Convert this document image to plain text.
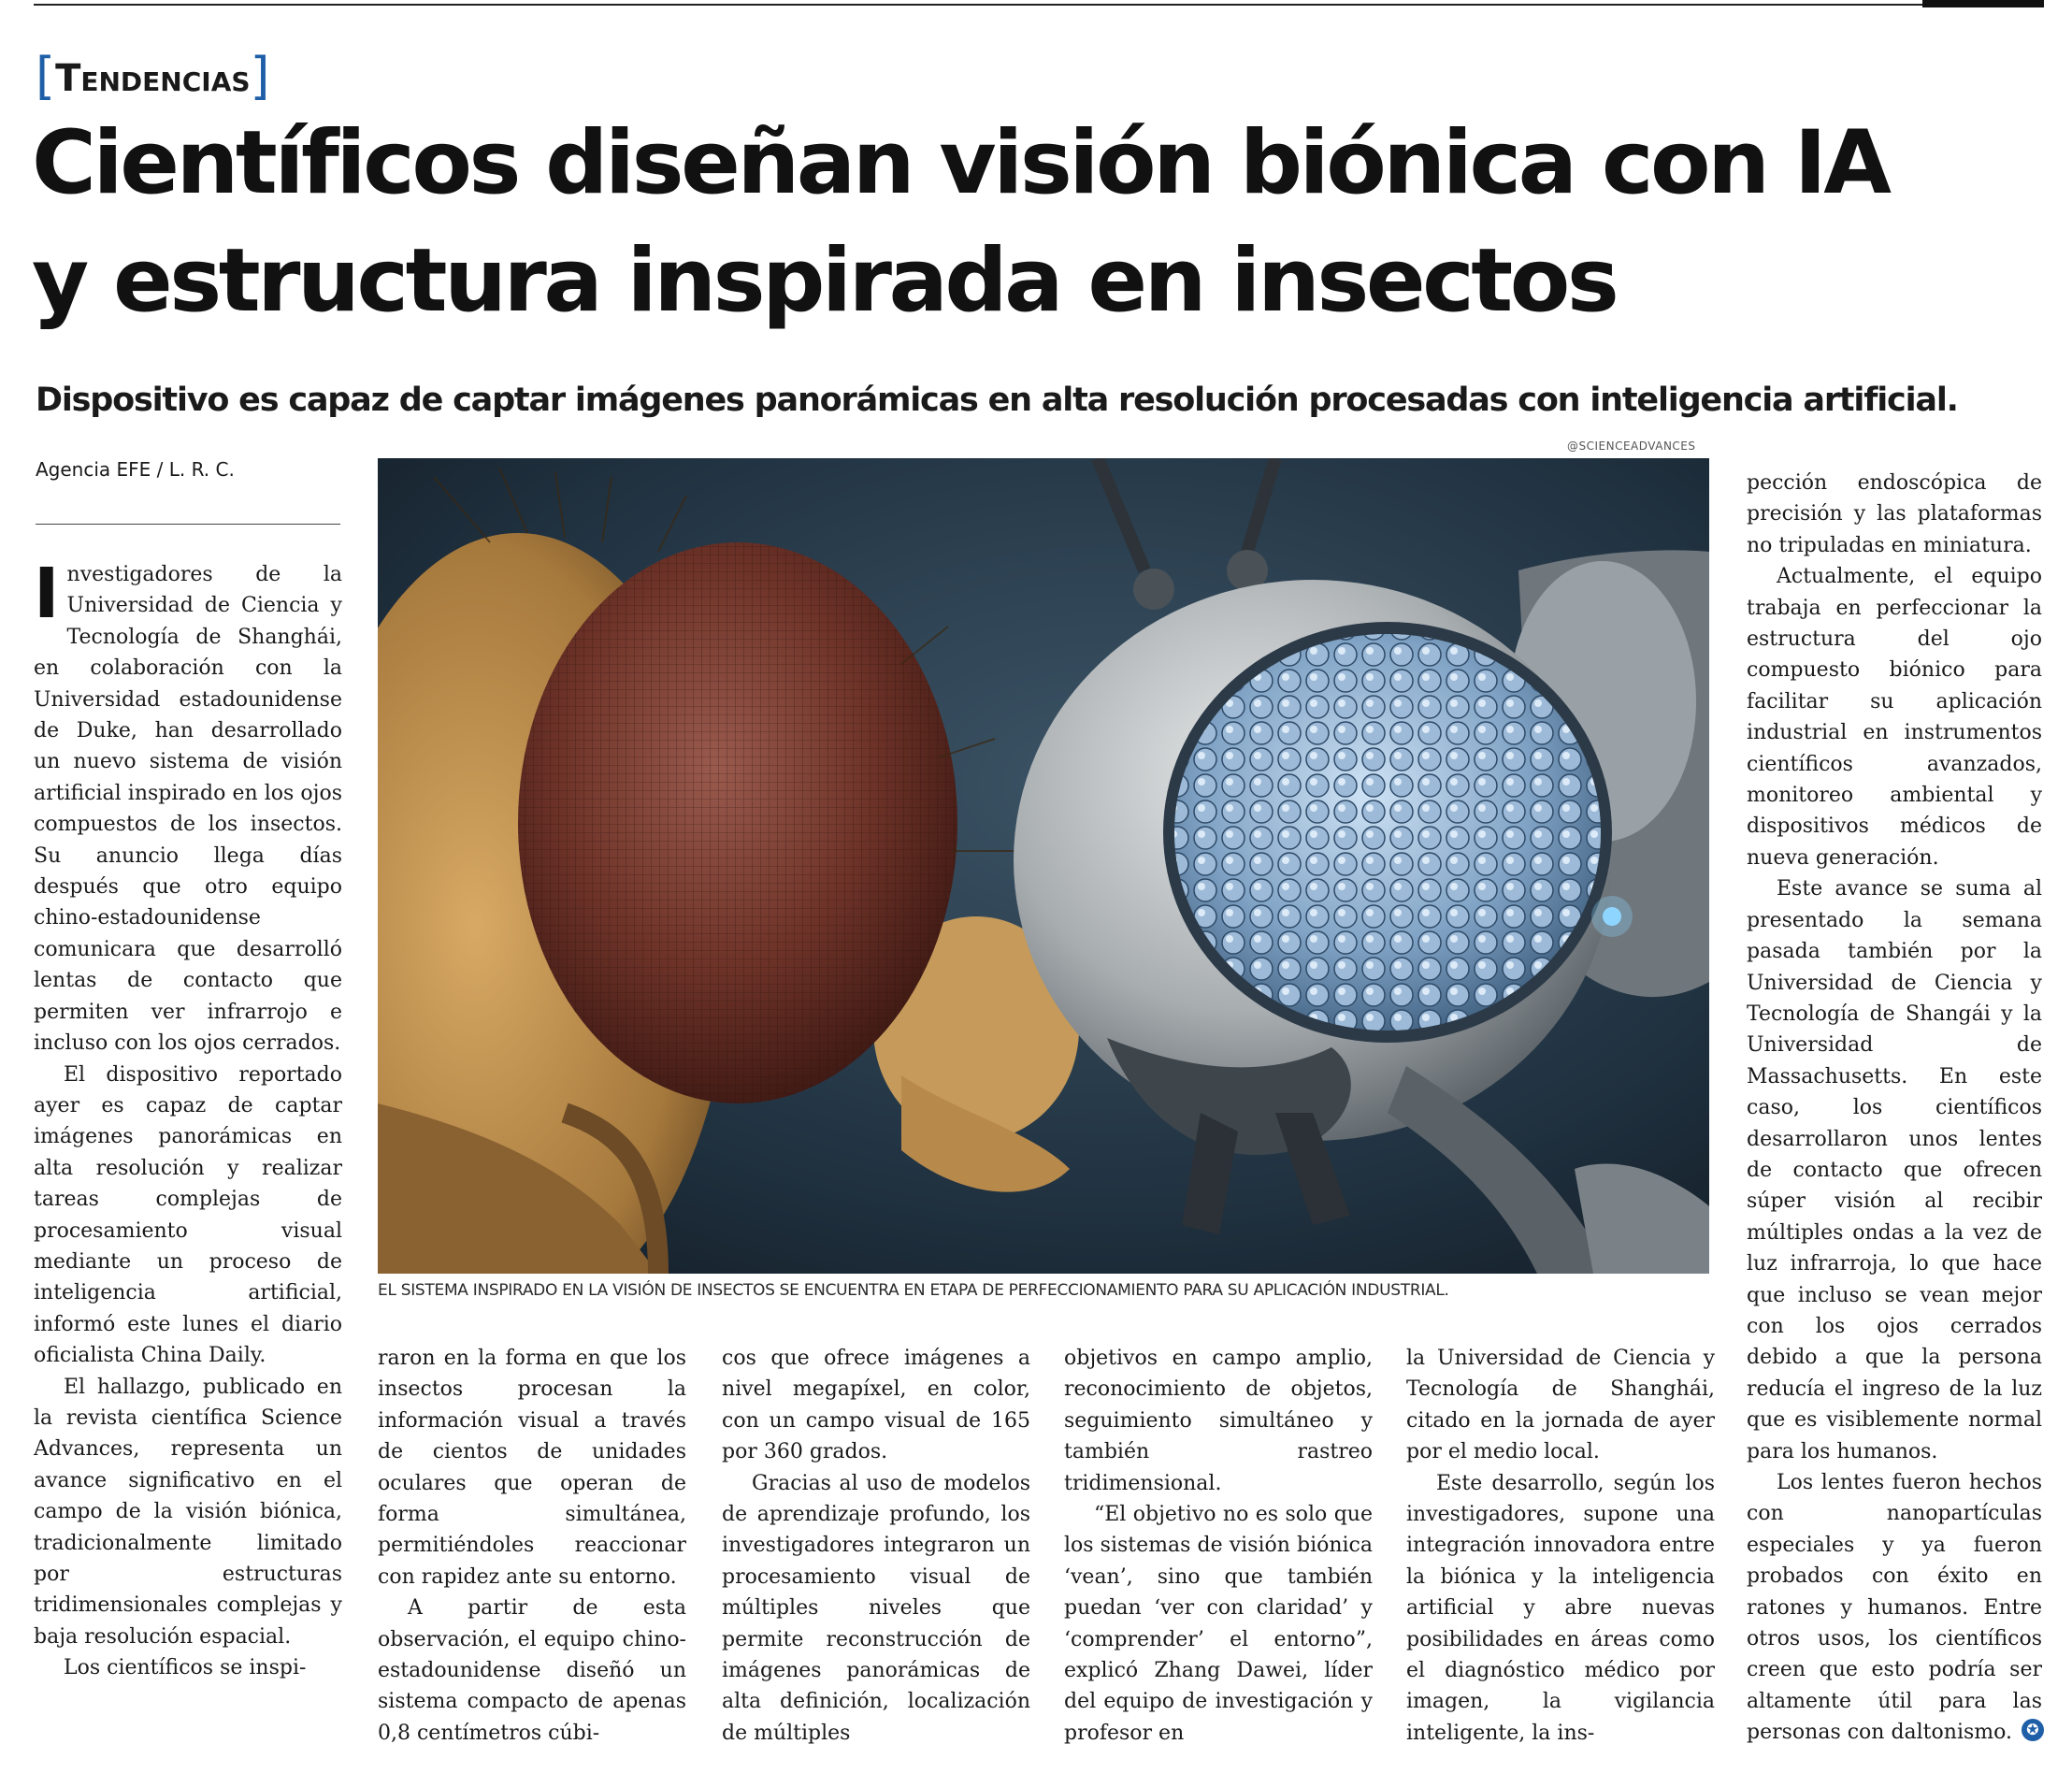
[Tendencias]
Científicos diseñan visión biónica con IA
y estructura inspirada en insectos
Dispositivo es capaz de captar imágenes panorámicas en alta resolución procesadas con inteligencia artificial.
@SCIENCEADVANCES
Agencia EFE / L. R. C.
EL SISTEMA INSPIRADO EN LA VISIÓN DE INSECTOS SE ENCUENTRA EN ETAPA DE PERFECCIONAMIENTO PARA SU APLICACIÓN INDUSTRIAL.

Investigadores de la Universidad de Ciencia y Tecnología de Shanghái, en colaboración con la Universidad estadounidense de Duke, han desarrollado un nuevo sistema de visión artificial inspirado en los ojos compuestos de los insectos. Su anuncio llega días después que otro equipo chino-estadounidense comunicara que desarrolló lentas de contacto que permiten ver infrarrojo e incluso con los ojos cerrados.

El dispositivo reportado ayer es capaz de captar imágenes panorámicas en alta resolución y realizar tareas complejas de procesamiento visual mediante un proceso de inteligencia artificial, informó este lunes el diario oficialista China Daily.

El hallazgo, publicado en la revista científica Science Advances, representa un avance significativo en el campo de la visión biónica, tradicionalmente limitado por estructuras tridimensionales complejas y baja resolución espacial.

Los científicos se inspi-

raron en la forma en que los insectos procesan la información visual a través de cientos de unidades oculares que operan de forma simultánea, permitiéndoles reaccionar con rapidez ante su entorno.

A partir de esta observación, el equipo chino-estadounidense diseñó un sistema compacto de apenas 0,8 centímetros cúbi-

cos que ofrece imágenes a nivel megapíxel, en color, con un campo visual de 165 por 360 grados.

Gracias al uso de modelos de aprendizaje profundo, los investigadores integraron un procesamiento visual de múltiples niveles que permite reconstrucción de imágenes panorámicas de alta definición, localización de múltiples

objetivos en campo amplio, reconocimiento de objetos, seguimiento simultáneo y también rastreo tridimensional.

“El objetivo no es solo que los sistemas de visión biónica ‘vean’, sino que también puedan ‘ver con claridad’ y ‘comprender’ el entorno”, explicó Zhang Dawei, líder del equipo de investigación y profesor en

la Universidad de Ciencia y Tecnología de Shanghái, citado en la jornada de ayer por el medio local.

Este desarrollo, según los investigadores, supone una integración innovadora entre la biónica y la inteligencia artificial y abre nuevas posibilidades en áreas como el diagnóstico médico por imagen, la vigilancia inteligente, la ins-

pección endoscópica de precisión y las plataformas no tripuladas en miniatura.

Actualmente, el equipo trabaja en perfeccionar la estructura del ojo compuesto biónico para facilitar su aplicación industrial en instrumentos científicos avanzados, monitoreo ambiental y dispositivos médicos de nueva generación.

Este avance se suma al presentado la semana pasada también por la Universidad de Ciencia y Tecnología de Shangái y la Universidad de Massachusetts. En este caso, los científicos desarrollaron unos lentes de contacto que ofrecen súper visión al recibir múltiples ondas a la vez de luz infrarroja, lo que hace que incluso se vean mejor con los ojos cerrados debido a que la persona reducía el ingreso de la luz que es visiblemente normal para los humanos.

Los lentes fueron hechos con nanopartículas especiales y ya fueron probados con éxito en ratones y humanos. Entre otros usos, los científicos creen que esto podría ser altamente útil para las personas con daltonismo. ✪
